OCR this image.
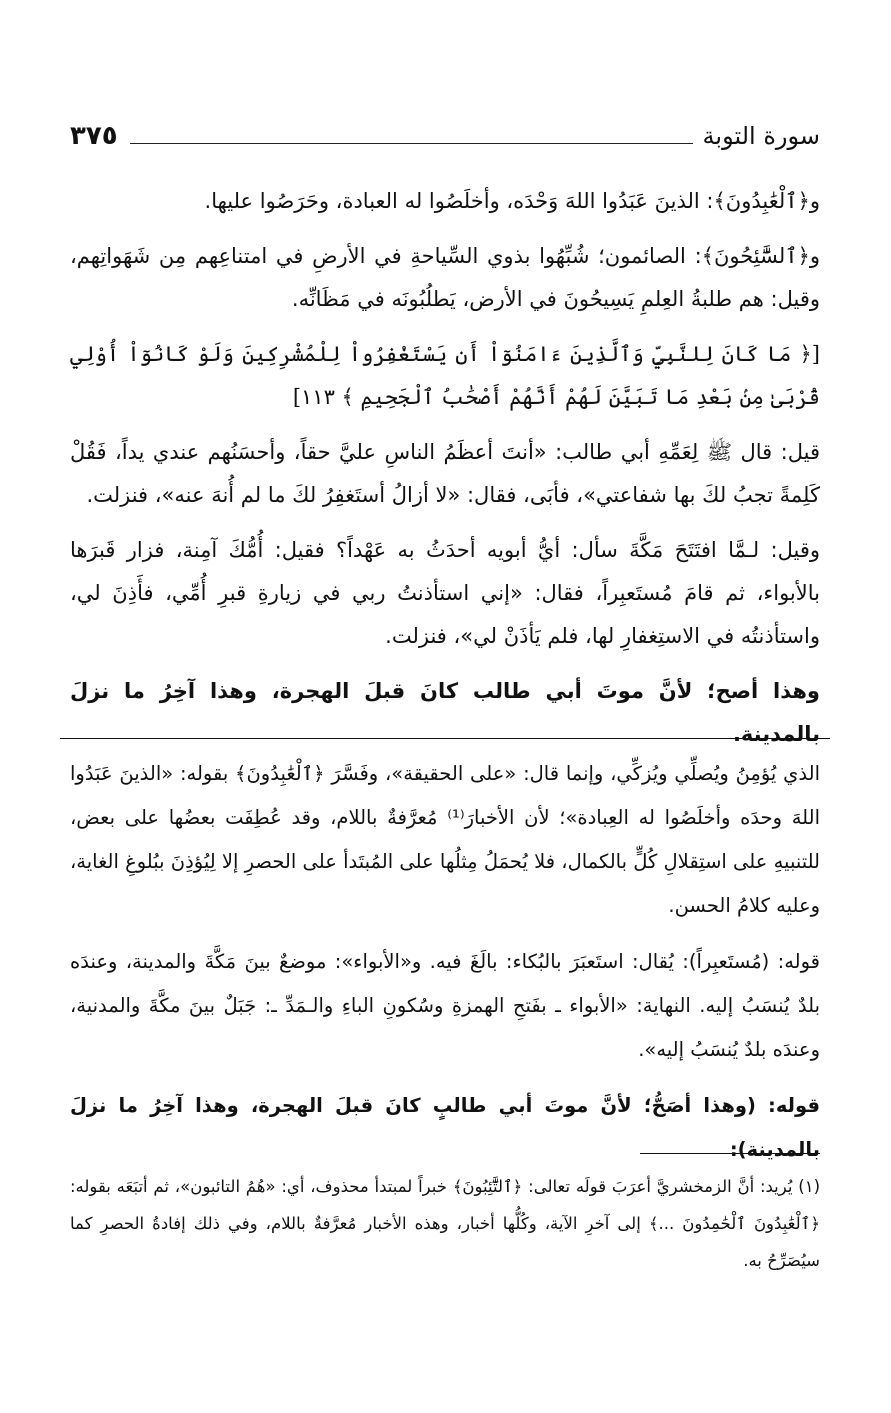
سورة التوبة
٣٧٥

و﴿ٱلْعَٰبِدُونَ﴾: الذينَ عَبَدُوا اللهَ وَحْدَه، وأخلَصُوا له العبادة، وحَرَصُوا عليها.

و﴿ٱلسَّٰٓئِحُونَ﴾: الصائمون؛ شُبِّهُوا بذوي السِّياحةِ في الأرضِ في امتناعِهم مِن شَهَواتِهم، وقيل: هم طلبةُ العِلمِ يَسِيحُونَ في الأرض، يَطلُبُونَه في مَظَانِّه.

[﴿ مَا كَانَ لِلنَّبِيِّ وَٱلَّذِينَ ءَامَنُوٓاْ أَن يَسْتَغْفِرُواْ لِلْمُشْرِكِينَ وَلَوْ كَانُوٓاْ أُوْلِي قُرْبَىٰ مِنۢ بَعْدِ مَا تَبَيَّنَ لَهُمْ أَنَّهُمْ أَصْحَٰبُ ٱلْجَحِيمِ ﴾ ١١٣]

قيل: قال ﷺ لِعَمِّهِ أبي طالب: «أنتَ أعظَمُ الناسِ عليَّ حقاً، وأحسَنُهم عندي يداً، فَقُلْ كَلِمةً تجبُ لكَ بها شفاعتي»، فأبَى، فقال: «لا أزالُ أستَغفِرُ لكَ ما لم أُنهَ عنه»، فنزلت.

وقيل: لـمَّا افتَتَحَ مَكَّةَ سأل: أيُّ أبويه أحدَثُ به عَهْداً؟ فقيل: أُمُّكَ آمِنة، فزار قَبرَها بالأبواء، ثم قامَ مُستَعبِراً، فقال: «إني استأذنتُ ربي في زيارةِ قبرِ أُمِّي، فأَذِنَ لي، واستأذنتُه في الاستِغفارِ لها، فلم يَأذَنْ لي»، فنزلت.

وهذا أصح؛ لأنَّ موتَ أبي طالب كانَ قبلَ الهجرة، وهذا آخِرُ ما نزلَ بالمدينة.

الذي يُؤمِنُ ويُصلِّي ويُزكِّي، وإنما قال: «على الحقيقة»، وفَسَّرَ ﴿ٱلْعَٰبِدُونَ﴾ بقوله: «الذينَ عَبَدُوا اللهَ وحدَه وأخلَصُوا له العِبادة»؛ لأن الأخبارَ⁽¹⁾ مُعرَّفةٌ باللام، وقد عُطِفَت بعضُها على بعض، للتنبيهِ على استِقلالِ كُلٍّ بالكمال، فلا يُحمَلُ مِثلُها على المُبتَدأ على الحصرِ إلا لِيُؤذِنَ ببُلوغِ الغاية، وعليه كلامُ الحسن.

قوله: (مُستَعبِراً): يُقال: استَعبَرَ بالبُكاء: بالَغَ فيه. و«الأبواء»: موضعٌ بينَ مَكَّةَ والمدينة، وعندَه بلدٌ يُنسَبُ إليه. النهاية: «الأبواء ـ بفَتحِ الهمزةِ وسُكونِ الباءِ والـمَدِّ ـ: جَبَلٌ بينَ مكَّةَ والمدنية، وعندَه بلدٌ يُنسَبُ إليه».

قوله: (وهذا أصَحُّ؛ لأنَّ موتَ أبي طالبٍ كانَ قبلَ الهجرة، وهذا آخِرُ ما نزلَ بالمدينة):

(١) يُريد: أنَّ الزمخشريَّ أعرَبَ قولَه تعالى: ﴿ٱلتَّٰٓئِبُونَ﴾ خبراً لمبتدأ محذوف، أي: «هُمُ التائبون»، ثم أتبَعَه بقوله: ﴿ٱلْعَٰبِدُونَ ٱلْحَٰمِدُونَ ...﴾ إلى آخرِ الآية، وكُلُّها أخبار، وهذه الأخبار مُعرَّفةٌ باللام، وفي ذلك إفادةُ الحصرِ كما سيُصَرِّحُ به.
